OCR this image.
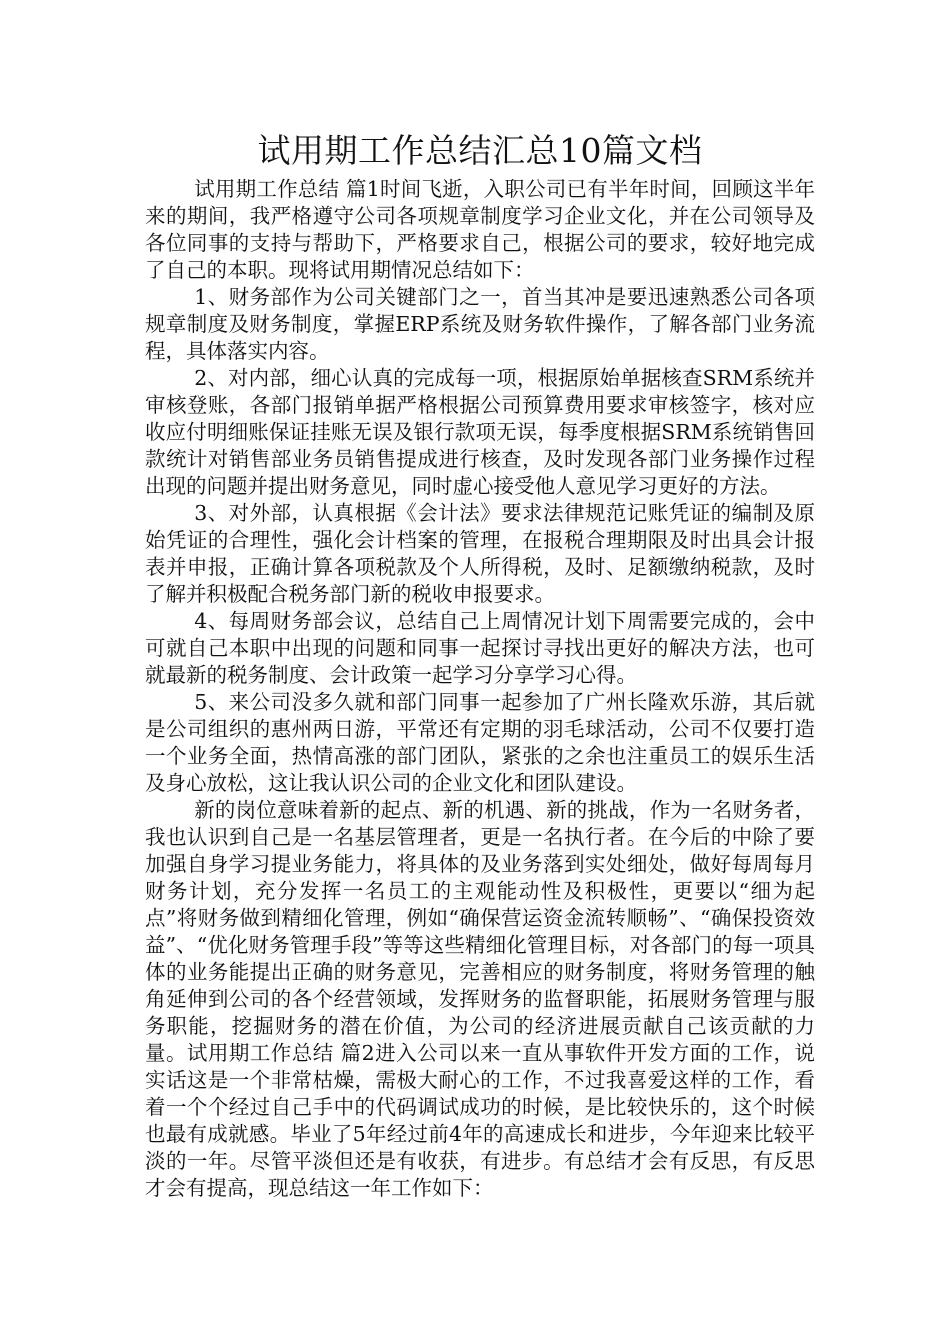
试用期工作总结汇总10篇文档

试用期工作总结 篇1时间飞逝，入职公司已有半年时间，回顾这半年来的期间，我严格遵守公司各项规章制度学习企业文化，并在公司领导及各位同事的支持与帮助下，严格要求自己，根据公司的要求，较好地完成了自己的本职。现将试用期情况总结如下：

1、财务部作为公司关键部门之一，首当其冲是要迅速熟悉公司各项规章制度及财务制度，掌握ERP系统及财务软件操作，了解各部门业务流程，具体落实内容。

2、对内部，细心认真的完成每一项，根据原始单据核查SRM系统并审核登账，各部门报销单据严格根据公司预算费用要求审核签字，核对应收应付明细账保证挂账无误及银行款项无误，每季度根据SRM系统销售回款统计对销售部业务员销售提成进行核查，及时发现各部门业务操作过程出现的问题并提出财务意见，同时虚心接受他人意见学习更好的方法。

3、对外部，认真根据《会计法》要求法律规范记账凭证的编制及原始凭证的合理性，强化会计档案的管理，在报税合理期限及时出具会计报表并申报，正确计算各项税款及个人所得税，及时、足额缴纳税款，及时了解并积极配合税务部门新的税收申报要求。

4、每周财务部会议，总结自己上周情况计划下周需要完成的，会中可就自己本职中出现的问题和同事一起探讨寻找出更好的解决方法，也可就最新的税务制度、会计政策一起学习分享学习心得。

5、来公司没多久就和部门同事一起参加了广州长隆欢乐游，其后就是公司组织的惠州两日游，平常还有定期的羽毛球活动，公司不仅要打造一个业务全面，热情高涨的部门团队，紧张的之余也注重员工的娱乐生活及身心放松，这让我认识公司的企业文化和团队建设。

新的岗位意味着新的起点、新的机遇、新的挑战，作为一名财务者，我也认识到自己是一名基层管理者，更是一名执行者。在今后的中除了要加强自身学习提业务能力，将具体的及业务落到实处细处，做好每周每月财务计划，充分发挥一名员工的主观能动性及积极性，更要以“细为起点”将财务做到精细化管理，例如“确保营运资金流转顺畅”、“确保投资效益”、“优化财务管理手段”等等这些精细化管理目标，对各部门的每一项具体的业务能提出正确的财务意见，完善相应的财务制度，将财务管理的触角延伸到公司的各个经营领域，发挥财务的监督职能，拓展财务管理与服务职能，挖掘财务的潜在价值，为公司的经济进展贡献自己该贡献的力量。试用期工作总结 篇2进入公司以来一直从事软件开发方面的工作，说实话这是一个非常枯燥，需极大耐心的工作，不过我喜爱这样的工作，看着一个个经过自己手中的代码调试成功的时候，是比较快乐的，这个时候也最有成就感。毕业了5年经过前4年的高速成长和进步，今年迎来比较平淡的一年。尽管平淡但还是有收获，有进步。有总结才会有反思，有反思才会有提高，现总结这一年工作如下：
